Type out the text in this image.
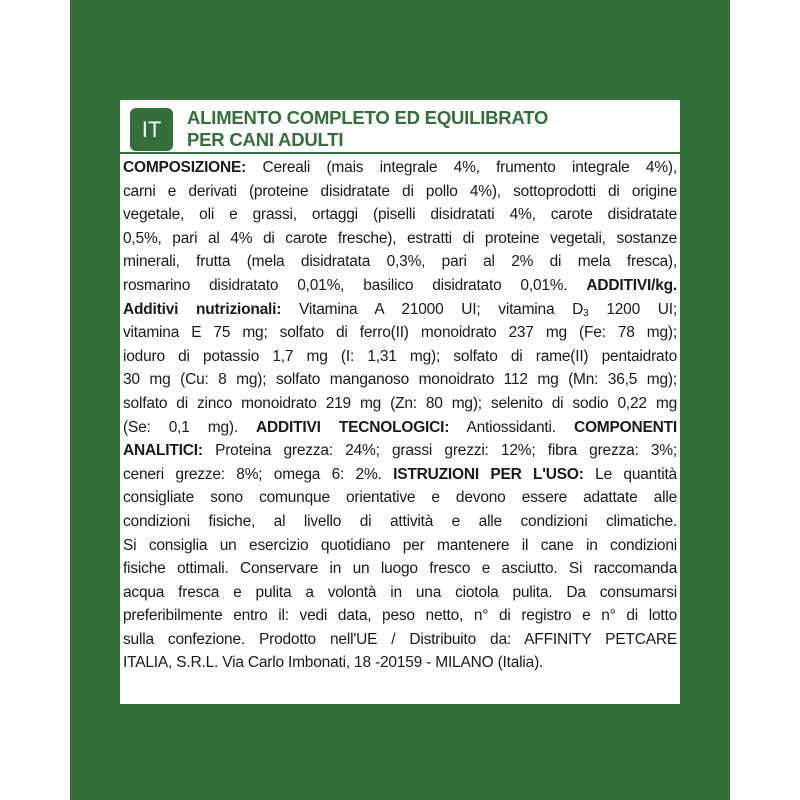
IT	ALIMENTO COMPLETO ED EQUILIBRATO
PER CANI ADULTI
COMPOSIZIONE: Cereali (mais integrale 4%, frumento integrale 4%),
carni e derivati (proteine disidratate di pollo 4%), sottoprodotti di origine
vegetale, oli e grassi, ortaggi (piselli disidratati 4%, carote disidratate
0,5%, pari al 4% di carote fresche), estratti di proteine vegetali, sostanze
minerali, frutta (mela disidratata 0,3%, pari al 2% di mela fresca),
rosmarino disidratato 0,01%, basilico disidratato 0,01%. ADDITIVI/kg.
Additivi nutrizionali: Vitamina A 21000 UI; vitamina $D_3$ 1200 UI;
vitamina E 75 mg; solfato di ferro(II) monoidrato 237 mg (Fe: 78 mg);
ioduro di potassio 1,7 mg (I: 1,31 mg); solfato di rame(II) pentaidrato
30 mg (Cu: 8 mg); solfato manganoso monoidrato 112 mg (Mn: 36,5 mg);
solfato di zinco monoidrato 219 mg (Zn: 80 mg); selenito di sodio 0,22 mg
(Se: 0,1 mg). ADDITIVI TECNOLOGICI: Antiossidanti. COMPONENTI
ANALITICI: Proteina grezza: 24%; grassi grezzi: 12%; fibra grezza: 3%;
ceneri grezze: 8%; omega 6: 2%. ISTRUZIONI PER L'USO: Le quantità
consigliate sono comunque orientative e devono essere adattate alle
condizioni fisiche, al livello di attività e alle condizioni climatiche.
Si consiglia un esercizio quotidiano per mantenere il cane in condizioni
fisiche ottimali. Conservare in un luogo fresco e asciutto. Si raccomanda
acqua fresca e pulita a volontà in una ciotola pulita. Da consumarsi
preferibilmente entro il: vedi data, peso netto, n° di registro e n° di lotto
sulla confezione. Prodotto nell'UE / Distribuito da: AFFINITY PETCARE
ITALIA, S.R.L. Via Carlo Imbonati, 18 -20159 - MILANO (Italia).
